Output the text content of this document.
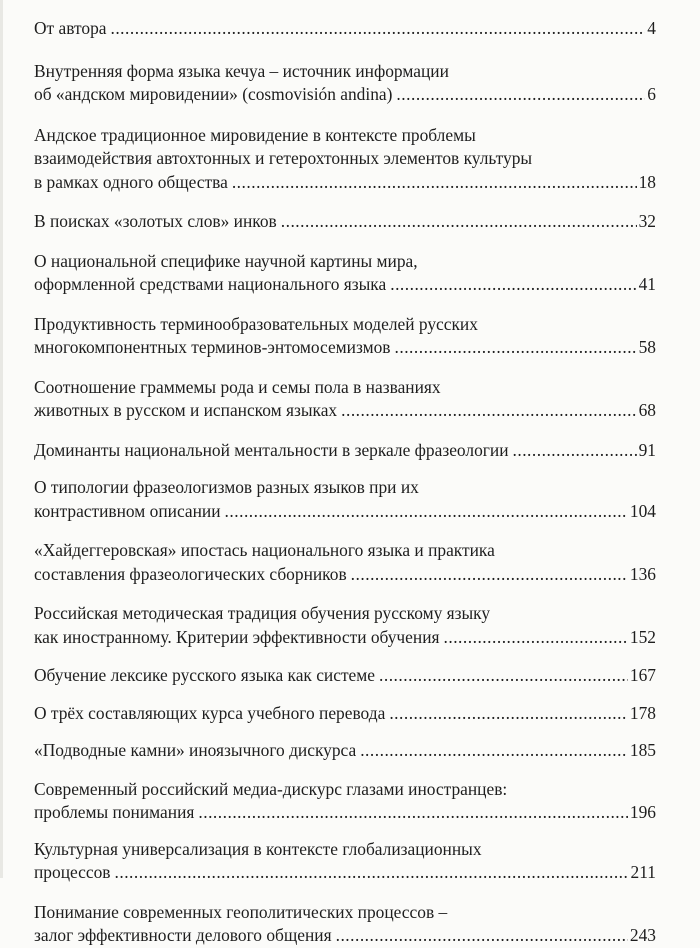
От автора .....	4
Внутренняя форма языка кечуа – источник информации
об «андском мировидении» (cosmovisión andina) .....	6
Андское традиционное мировидение в контексте проблемы
взаимодействия автохтонных и гетерохтонных элементов культуры
в рамках одного общества .....	18
В поисках «золотых слов» инков .....	32
О национальной специфике научной картины мира,
оформленной средствами национального языка .....	41
Продуктивность терминообразовательных моделей русских
многокомпонентных терминов-энтомосемизмов .....	58
Соотношение граммемы рода и семы пола в названиях
животных в русском и испанском языках .....	68
Доминанты национальной ментальности в зеркале фразеологии .....	91
О типологии фразеологизмов разных языков при их
контрастивном описании .....	104
«Хайдеггеровская» ипостась национального языка и практика
составления фразеологических сборников .....	136
Российская методическая традиция обучения русскому языку
как иностранному. Критерии эффективности обучения .....	152
Обучение лексике русского языка как системе .....	167
О трёх составляющих курса учебного перевода .....	178
«Подводные камни» иноязычного дискурса .....	185
Современный российский медиа-дискурс глазами иностранцев:
проблемы понимания .....	196
Культурная универсализация в контексте глобализационных
процессов .....	211
Понимание современных геополитических процессов –
залог эффективности делового общения .....	243
